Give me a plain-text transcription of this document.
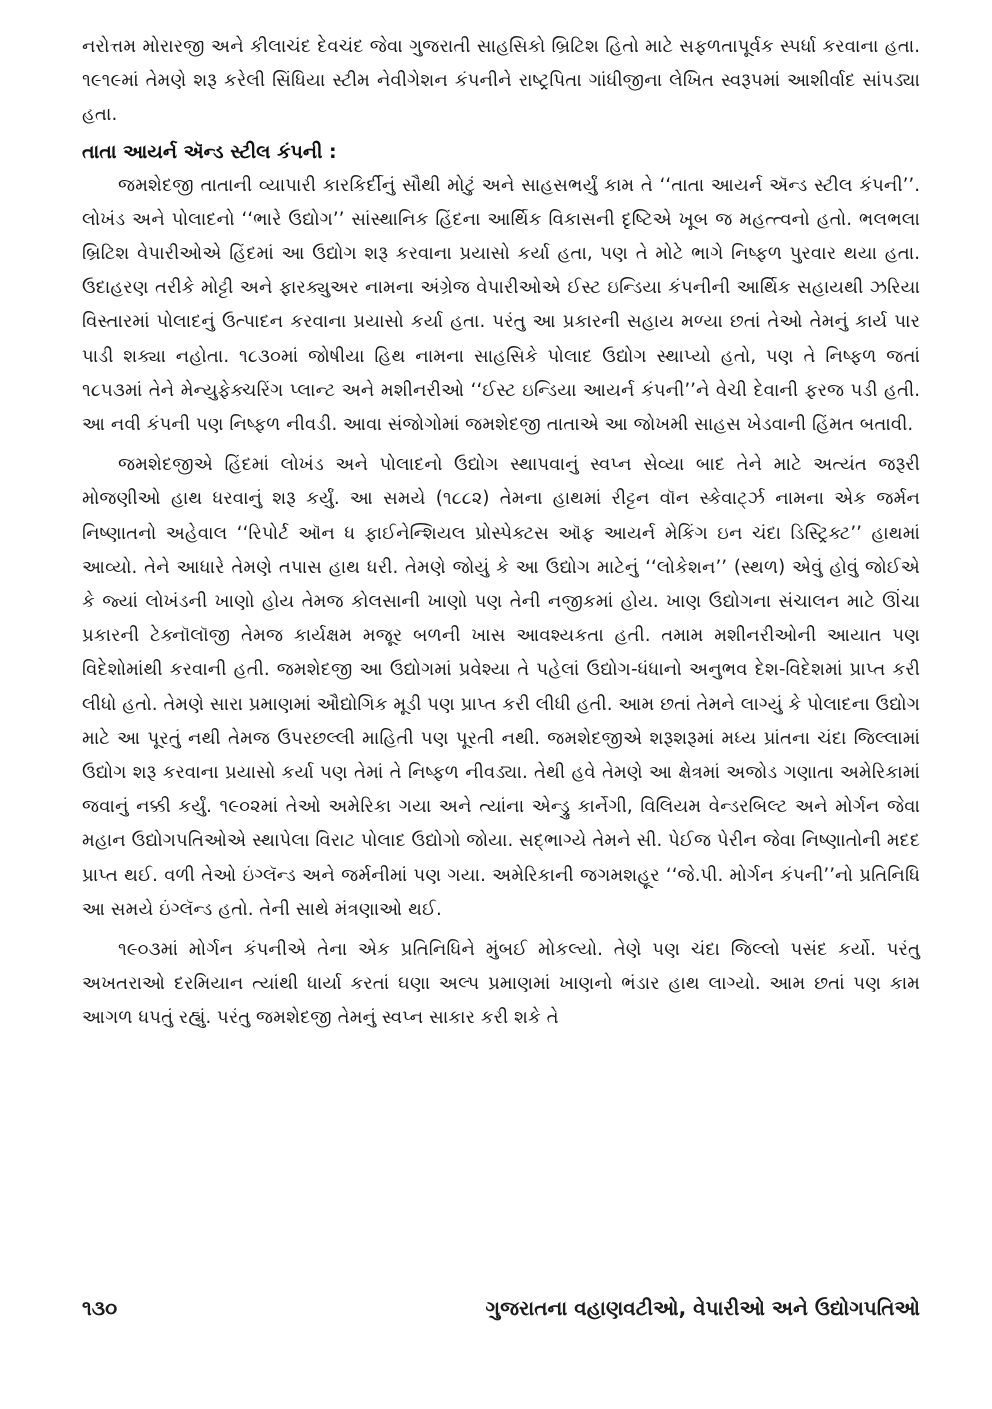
નરોત્તમ મોરારજી અને કીલાચંદ દેવચંદ જેવા ગુજરાતી સાહસિકો બ્રિટિશ હિતો માટે સફળતાપૂર્વક સ્પર્ધા કરવાના હતા. ૧૯૧૯માં તેમણે શરૂ કરેલી સિંધિયા સ્ટીમ નેવીગેશન કંપનીને રાષ્ટ્રપિતા ગાંધીજીના લેખિત સ્વરૂપમાં આશીર્વાદ સાંપડ્યા હતા.

તાતા આયર્ન ઍન્ડ સ્ટીલ કંપની :

જમશેદજી તાતાની વ્યાપારી કારકિર્દીનું સૌથી મોટું અને સાહસભર્યું કામ તે ‘‘તાતા આયર્ન ઍન્ડ સ્ટીલ કંપની’’. લોખંડ અને પોલાદનો ‘‘ભારે ઉદ્યોગ’’ સાંસ્થાનિક હિંદના આર્થિક વિકાસની દૃષ્ટિએ ખૂબ જ મહત્ત્વનો હતો. ભલભલા બ્રિટિશ વેપારીઓએ હિંદમાં આ ઉદ્યોગ શરૂ કરવાના પ્રયાસો કર્યા હતા, પણ તે મોટે ભાગે નિષ્ફળ પુરવાર થયા હતા. ઉદાહરણ તરીકે મોટ્ટી અને ફારક્યુઅર નામના અંગ્રેજ વેપારીઓએ ઈસ્ટ ઇન્ડિયા કંપનીની આર્થિક સહાયથી ઝરિયા વિસ્તારમાં પોલાદનું ઉત્પાદન કરવાના પ્રયાસો કર્યા હતા. પરંતુ આ પ્રકારની સહાય મળ્યા છતાં તેઓ તેમનું કાર્ય પાર પાડી શક્યા નહોતા. ૧૮૩૦માં જોષીયા હિથ નામના સાહસિકે પોલાદ ઉદ્યોગ સ્થાપ્યો હતો, પણ તે નિષ્ફળ જતાં ૧૮૫૩માં તેને મેન્યુફેક્ચરિંગ પ્લાન્ટ અને મશીનરીઓ ‘‘ઈસ્ટ ઇન્ડિયા આયર્ન કંપની’’ને વેચી દેવાની ફરજ પડી હતી. આ નવી કંપની પણ નિષ્ફળ નીવડી. આવા સંજોગોમાં જમશેદજી તાતાએ આ જોખમી સાહસ ખેડવાની હિંમત બતાવી.

જમશેદજીએ હિંદમાં લોખંડ અને પોલાદનો ઉદ્યોગ સ્થાપવાનું સ્વપ્ન સેવ્યા બાદ તેને માટે અત્યંત જરૂરી મોજણીઓ હાથ ધરવાનું શરૂ કર્યું. આ સમયે (૧૮૮૨) તેમના હાથમાં રીટ્ટન વૉન સ્કેવાર્ટ્ઝ નામના એક જર્મન નિષ્ણાતનો અહેવાલ ‘‘રિપોર્ટ ઑન ધ ફાઈનેન્શિયલ પ્રોસ્પેક્ટસ ઑફ આયર્ન મેકિંગ ઇન ચંદા ડિસ્ટ્રિક્ટ’’ હાથમાં આવ્યો. તેને આધારે તેમણે તપાસ હાથ ધરી. તેમણે જોયું કે આ ઉદ્યોગ માટેનું ‘‘લોકેશન’’ (સ્થળ) એવું હોવું જોઈએ કે જ્યાં લોખંડની ખાણો હોય તેમજ કોલસાની ખાણો પણ તેની નજીકમાં હોય. ખાણ ઉદ્યોગના સંચાલન માટે ઊંચા પ્રકારની ટેક્નૉલૉજી તેમજ કાર્યક્ષમ મજૂર બળની ખાસ આવશ્યકતા હતી. તમામ મશીનરીઓની આયાત પણ વિદેશોમાંથી કરવાની હતી. જમશેદજી આ ઉદ્યોગમાં પ્રવેશ્યા તે પહેલાં ઉદ્યોગ-ધંધાનો અનુભવ દેશ-વિદેશમાં પ્રાપ્ત કરી લીધો હતો. તેમણે સારા પ્રમાણમાં ઔદ્યોગિક મૂડી પણ પ્રાપ્ત કરી લીધી હતી. આમ છતાં તેમને લાગ્યું કે પોલાદના ઉદ્યોગ માટે આ પૂરતું નથી તેમજ ઉપરછલ્લી માહિતી પણ પૂરતી નથી. જમશેદજીએ શરૂશરૂમાં મધ્ય પ્રાંતના ચંદા જિલ્લામાં ઉદ્યોગ શરૂ કરવાના પ્રયાસો કર્યા પણ તેમાં તે નિષ્ફળ નીવડ્યા. તેથી હવે તેમણે આ ક્ષેત્રમાં અજોડ ગણાતા અમેરિકામાં જવાનું નક્કી કર્યું. ૧૯૦૨માં તેઓ અમેરિકા ગયા અને ત્યાંના એન્ડ્રુ કાર્નેગી, વિલિયમ વેન્ડરબિલ્ટ અને મોર્ગન જેવા મહાન ઉદ્યોગપતિઓએ સ્થાપેલા વિરાટ પોલાદ ઉદ્યોગો જોયા. સદ્‌ભાગ્યે તેમને સી. પેઈજ પેરીન જેવા નિષ્ણાતોની મદદ પ્રાપ્ત થઈ. વળી તેઓ ઇંગ્લૅન્ડ અને જર્મનીમાં પણ ગયા. અમેરિકાની જગમશહૂર ‘‘જે.પી. મોર્ગન કંપની’’નો પ્રતિનિધિ આ સમયે ઇંગ્લૅન્ડ હતો. તેની સાથે મંત્રણાઓ થઈ.

૧૯૦૩માં મોર્ગન કંપનીએ તેના એક પ્રતિનિધિને મુંબઈ મોકલ્યો. તેણે પણ ચંદા જિલ્લો પસંદ કર્યો. પરંતુ અખતરાઓ દરમિયાન ત્યાંથી ધાર્યા કરતાં ઘણા અલ્પ પ્રમાણમાં ખાણનો ભંડાર હાથ લાગ્યો. આમ છતાં પણ કામ આગળ ધપતું રહ્યું. પરંતુ જમશેદજી તેમનું સ્વપ્ન સાકાર કરી શકે તે

૧૩૦	ગુજરાતના વહાણવટીઓ, વેપારીઓ અને ઉદ્યોગપતિઓ
